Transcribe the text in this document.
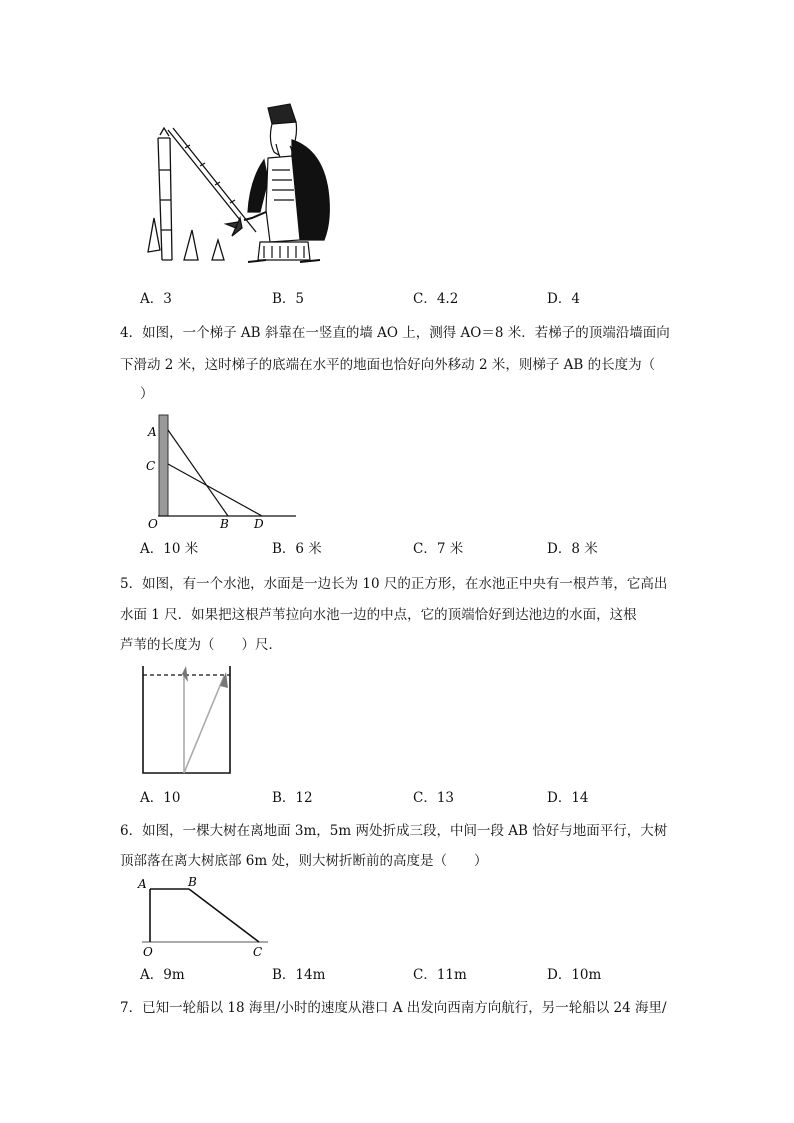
A．3	B．5	C．4.2	D．4
4．如图，一个梯子 AB 斜靠在一竖直的墙 AO 上，测得 AO＝8 米．若梯子的顶端沿墙面向
下滑动 2 米，这时梯子的底端在水平的地面也恰好向外移动 2 米，则梯子 AB 的长度为（
）
A
C
O	B D
A．10 米	B．6 米	C．7 米	D．8 米
5．如图，有一个水池，水面是一边长为 10 尺的正方形，在水池正中央有一根芦苇，它高出
水面 1 尺．如果把这根芦苇拉向水池一边的中点，它的顶端恰好到达池边的水面，这根
芦苇的长度为（　　）尺．
A．10	B．12	C．13	D．14
6．如图，一棵大树在离地面 3m，5m 两处折成三段，中间一段 AB 恰好与地面平行，大树
顶部落在离大树底部 6m 处，则大树折断前的高度是（　　）
A	B
O	C
A．9m	B．14m	C．11m	D．10m
7．已知一轮船以 18 海里/小时的速度从港口 A 出发向西南方向航行，另一轮船以 24 海里/
